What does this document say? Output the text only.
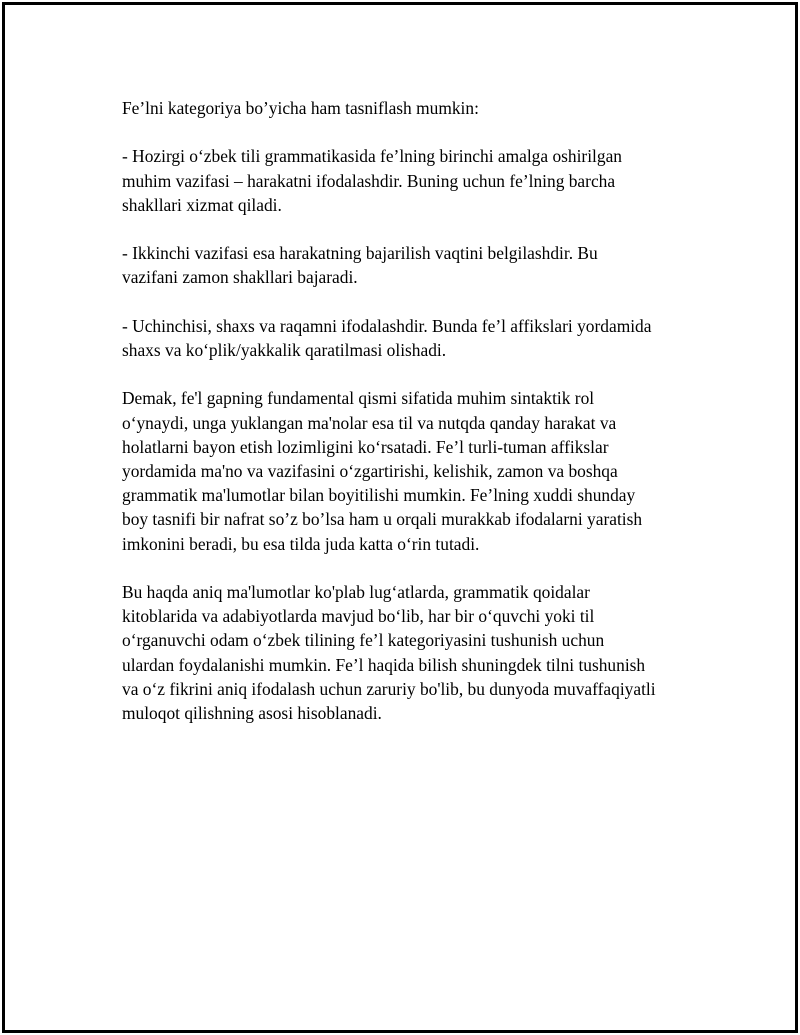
Fe’lni kategoriya bo’yicha ham tasniflash mumkin:

- Hozirgi o‘zbek tili grammatikasida fe’lning birinchi amalga oshirilgan
muhim vazifasi – harakatni ifodalashdir. Buning uchun fe’lning barcha
shakllari xizmat qiladi.

- Ikkinchi vazifasi esa harakatning bajarilish vaqtini belgilashdir. Bu
vazifani zamon shakllari bajaradi.

- Uchinchisi, shaxs va raqamni ifodalashdir. Bunda fe’l affikslari yordamida
shaxs va ko‘plik/yakkalik qaratilmasi olishadi.

Demak, fe'l gapning fundamental qismi sifatida muhim sintaktik rol
o‘ynaydi, unga yuklangan ma'nolar esa til va nutqda qanday harakat va
holatlarni bayon etish lozimligini ko‘rsatadi. Fe’l turli-tuman affikslar
yordamida ma'no va vazifasini o‘zgartirishi, kelishik, zamon va boshqa
grammatik ma'lumotlar bilan boyitilishi mumkin. Fe’lning xuddi shunday
boy tasnifi bir nafrat so’z bo’lsa ham u orqali murakkab ifodalarni yaratish
imkonini beradi, bu esa tilda juda katta o‘rin tutadi.

Bu haqda aniq ma'lumotlar ko'plab lug‘atlarda, grammatik qoidalar
kitoblarida va adabiyotlarda mavjud bo‘lib, har bir o‘quvchi yoki til
o‘rganuvchi odam o‘zbek tilining fe’l kategoriyasini tushunish uchun
ulardan foydalanishi mumkin. Fe’l haqida bilish shuningdek tilni tushunish
va o‘z fikrini aniq ifodalash uchun zaruriy bo'lib, bu dunyoda muvaffaqiyatli
muloqot qilishning asosi hisoblanadi.
